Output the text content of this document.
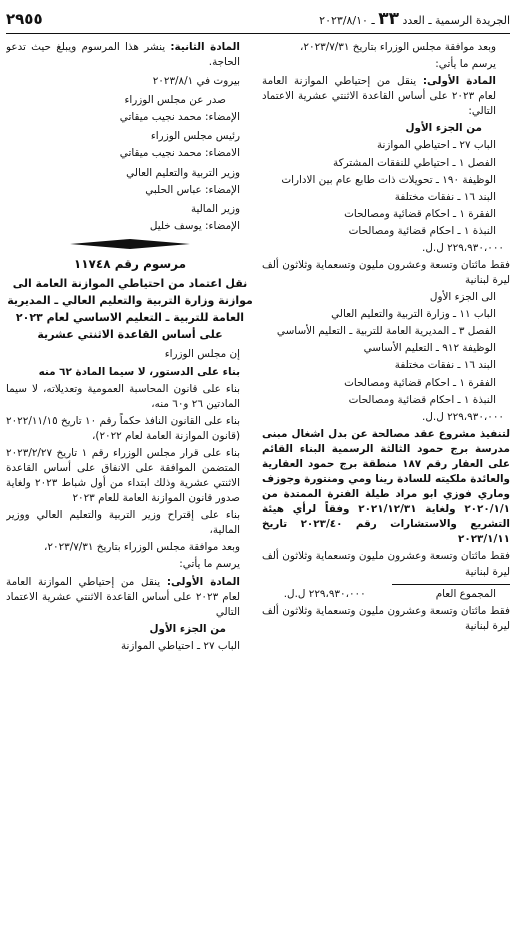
الجريدة الرسمية ـ العدد ٣٣ ـ ٢٠٢٣/٨/١٠
٢٩٥٥

وبعد موافقة مجلس الوزراء بتاريخ ٢٠٢٣/٧/٣١،

يرسم ما يأتي:

المادة الأولى: ينقل من إحتياطي الموازنة العامة لعام ٢٠٢٣ على أساس القاعدة الاثنتي عشرية الاعتماد التالي:

من الجزء الأول

الباب ٢٧ ـ احتياطي الموازنة

الفصل ١ ـ احتياطي للنفقات المشتركة

الوظيفة ١٩٠ ـ تحويلات ذات طابع عام بين الادارات

البند ١٦ ـ نفقات مختلفة

الفقرة ١ ـ احكام قضائية ومصالحات

النبذة ١ ـ احكام قضائية ومصالحات

٢٢٩،٩٣٠،٠٠٠ ل.ل.

فقط مائتان وتسعة وعشرون مليون وتسعماية وثلاثون ألف ليرة لبنانية

الى الجزء الأول

الباب ١١ ـ وزارة التربية والتعليم العالي

الفصل ٣ ـ المديرية العامة للتربية ـ التعليم الأساسي

الوظيفة ٩١٢ ـ التعليم الأساسي

البند ١٦ ـ نفقات مختلفة

الفقرة ١ ـ احكام قضائية ومصالحات

النبذة ١ ـ احكام قضائية ومصالحات

٢٢٩،٩٣٠،٠٠٠ ل.ل.

لتنفيذ مشروع عقد مصالحة عن بدل اشغال مبنى مدرسة برج حمود الثالثة الرسمية البناء القائم على العقار رقم ١٨٧ منطقة برج حمود العقارية والعائدة ملكيته للسادة رينا ومي ومنتورة وجوزف وماري فوزي ابو مراد طيلة الفترة الممتدة من ٢٠٢٠/١/١ ولغاية ٢٠٢١/١٢/٣١ وفقاً لرأي هيئة التشريع والاستشارات رقم ٢٠٢٣/٤٠ تاريخ ٢٠٢٣/١/١١

فقط مائتان وتسعة وعشرون مليون وتسعماية وثلاثون ألف ليرة لبنانية

المجموع العام٢٢٩،٩٣٠،٠٠٠ ل.ل.

فقط مائتان وتسعة وعشرون مليون وتسعماية وثلاثون ألف ليرة لبنانية

المادة الثانية: ينشر هذا المرسوم ويبلغ حيث تدعو الحاجة.

بيروت في ٢٠٢٣/٨/١

صدر عن مجلس الوزراء

الإمضاء: محمد نجيب ميقاتي

رئيس مجلس الوزراء

الامضاء: محمد نجيب ميقاتي

وزير التربية والتعليم العالي

الإمضاء: عباس الحلبي

وزير المالية

الإمضاء: يوسف خليل

مرسوم رقم ١١٧٤٨

نقل اعتماد من احتياطي الموازنة العامة الى موازنة وزارة التربية والتعليم العالي ـ المديرية العامة للتربية ـ التعليم الاساسي لعام ٢٠٢٣

على أساس القاعدة الاثنتي عشرية

إن مجلس الوزراء

بناء على الدستور، لا سيما المادة ٦٢ منه

بناء على قانون المحاسبة العمومية وتعديلاته، لا سيما المادتين ٢٦ و٦٠ منه،

بناء على القانون النافذ حكماً رقم ١٠ تاريخ ٢٠٢٢/١١/١٥ (قانون الموازنة العامة لعام ٢٠٢٢)،

بناء على قرار مجلس الوزراء رقم ١ تاريخ ٢٠٢٣/٢/٢٧ المتضمن الموافقة على الانفاق على أساس القاعدة الاثنتي عشرية وذلك ابتداء من أول شباط ٢٠٢٣ ولغاية صدور قانون الموازنة العامة للعام ٢٠٢٣

بناء على إقتراح وزير التربية والتعليم العالي ووزير المالية،

وبعد موافقة مجلس الوزراء بتاريخ ٢٠٢٣/٧/٣١،

يرسم ما يأتي:

المادة الأولى: ينقل من إحتياطي الموازنة العامة لعام ٢٠٢٣ على أساس القاعدة الاثنتي عشرية الاعتماد التالي

من الجزء الأول

الباب ٢٧ ـ احتياطي الموازنة
